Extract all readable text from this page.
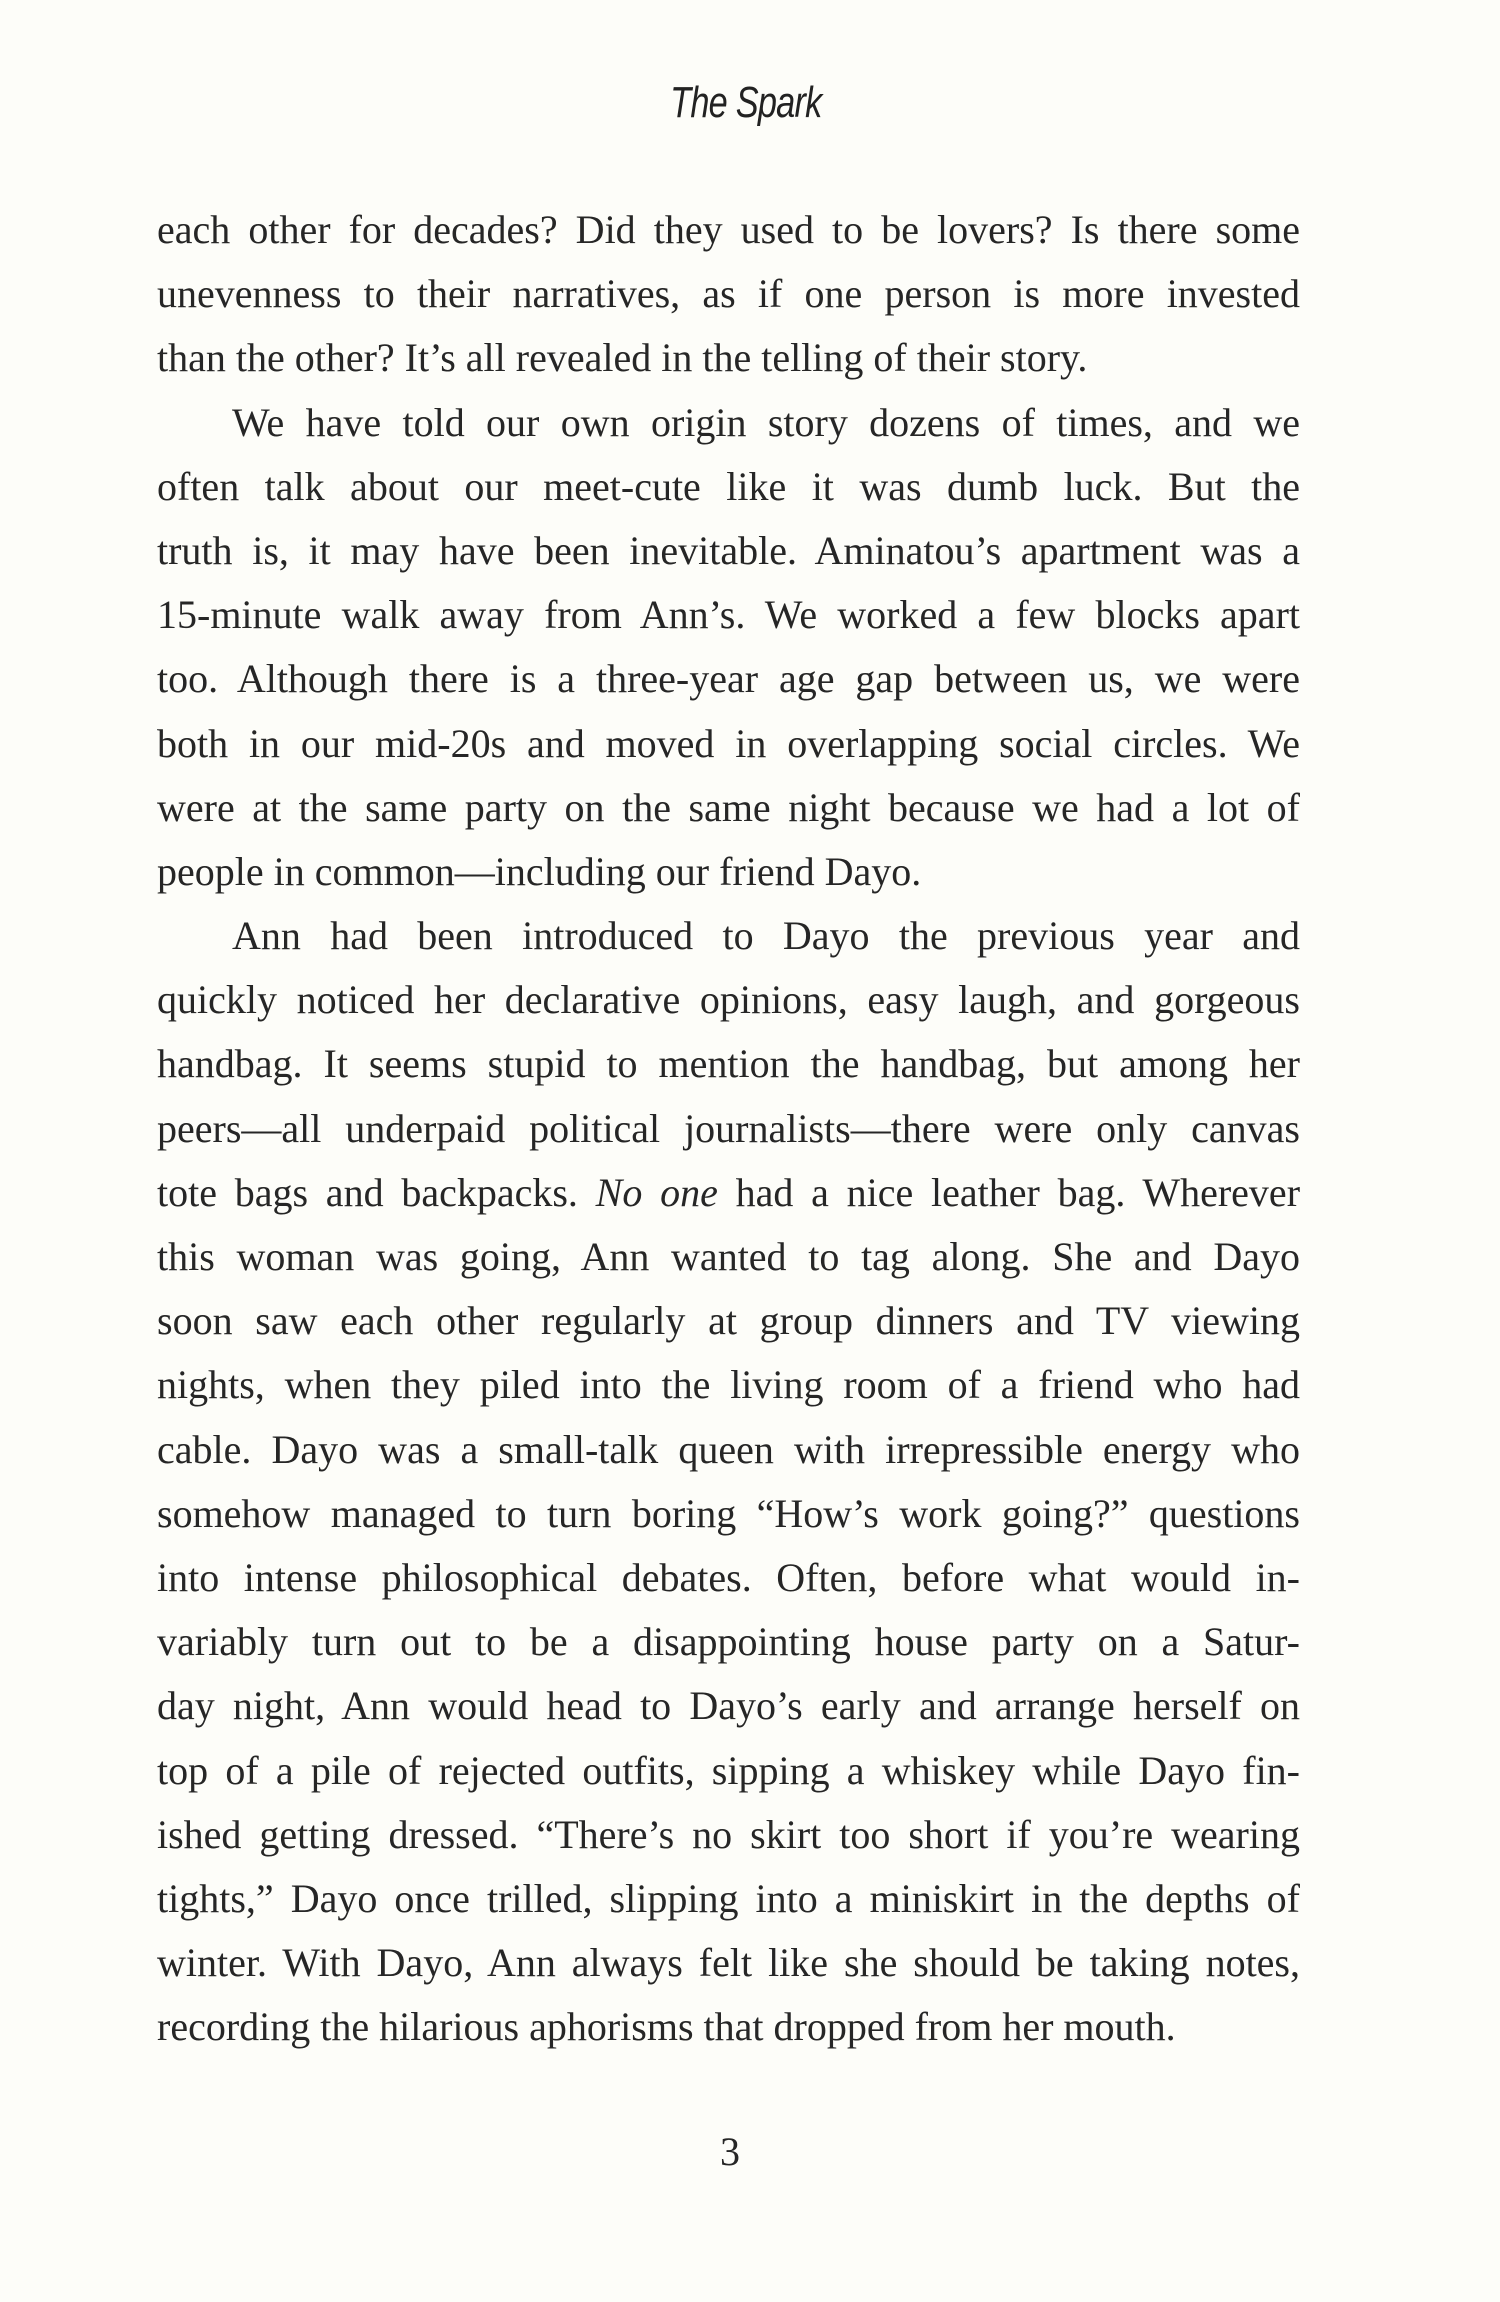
The Spark

each other for decades? Did they used to be lovers? Is there some
unevenness to their narratives, as if one person is more invested
than the other? It’s all revealed in the telling of their story.

We have told our own origin story dozens of times, and we
often talk about our meet-cute like it was dumb luck. But the
truth is, it may have been inevitable. Aminatou’s apartment was a
15-minute walk away from Ann’s. We worked a few blocks apart
too. Although there is a three-year age gap between us, we were
both in our mid-20s and moved in overlapping social circles. We
were at the same party on the same night because we had a lot of
people in common—including our friend Dayo.

Ann had been introduced to Dayo the previous year and
quickly noticed her declarative opinions, easy laugh, and gorgeous
handbag. It seems stupid to mention the handbag, but among her
peers—all underpaid political journalists—there were only canvas
tote bags and backpacks. No one had a nice leather bag. Wherever
this woman was going, Ann wanted to tag along. She and Dayo
soon saw each other regularly at group dinners and TV viewing
nights, when they piled into the living room of a friend who had
cable. Dayo was a small-talk queen with irrepressible energy who
somehow managed to turn boring “How’s work going?” questions
into intense philosophical debates. Often, before what would in-
variably turn out to be a disappointing house party on a Satur-
day night, Ann would head to Dayo’s early and arrange herself on
top of a pile of rejected outfits, sipping a whiskey while Dayo fin-
ished getting dressed. “There’s no skirt too short if you’re wearing
tights,” Dayo once trilled, slipping into a miniskirt in the depths of
winter. With Dayo, Ann always felt like she should be taking notes,
recording the hilarious aphorisms that dropped from her mouth.

3
